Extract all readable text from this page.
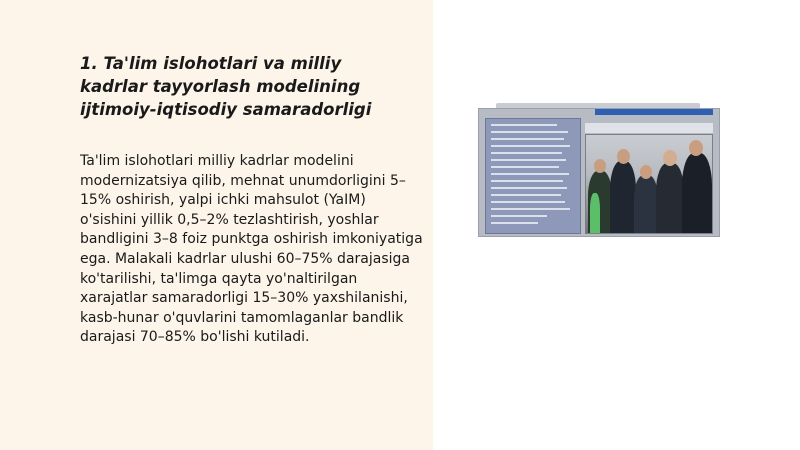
1. Ta'lim islohotlari va milliy kadrlar tayyorlash modelining ijtimoiy-iqtisodiy samaradorligi

Ta'lim islohotlari milliy kadrlar modelini modernizatsiya qilib, mehnat unumdorligini 5–15% oshirish, yalpi ichki mahsulot (YaIM) o'sishini yillik 0,5–2% tezlashtirish, yoshlar bandligini 3–8 foiz punktga oshirish imkoniyatiga ega. Malakali kadrlar ulushi 60–75% darajasiga ko'tarilishi, ta'limga qayta yo'naltirilgan xarajatlar samaradorligi 15–30% yaxshilanishi, kasb-hunar o'quvlarini tamomlaganlar bandlik darajasi 70–85% bo'lishi kutiladi.
